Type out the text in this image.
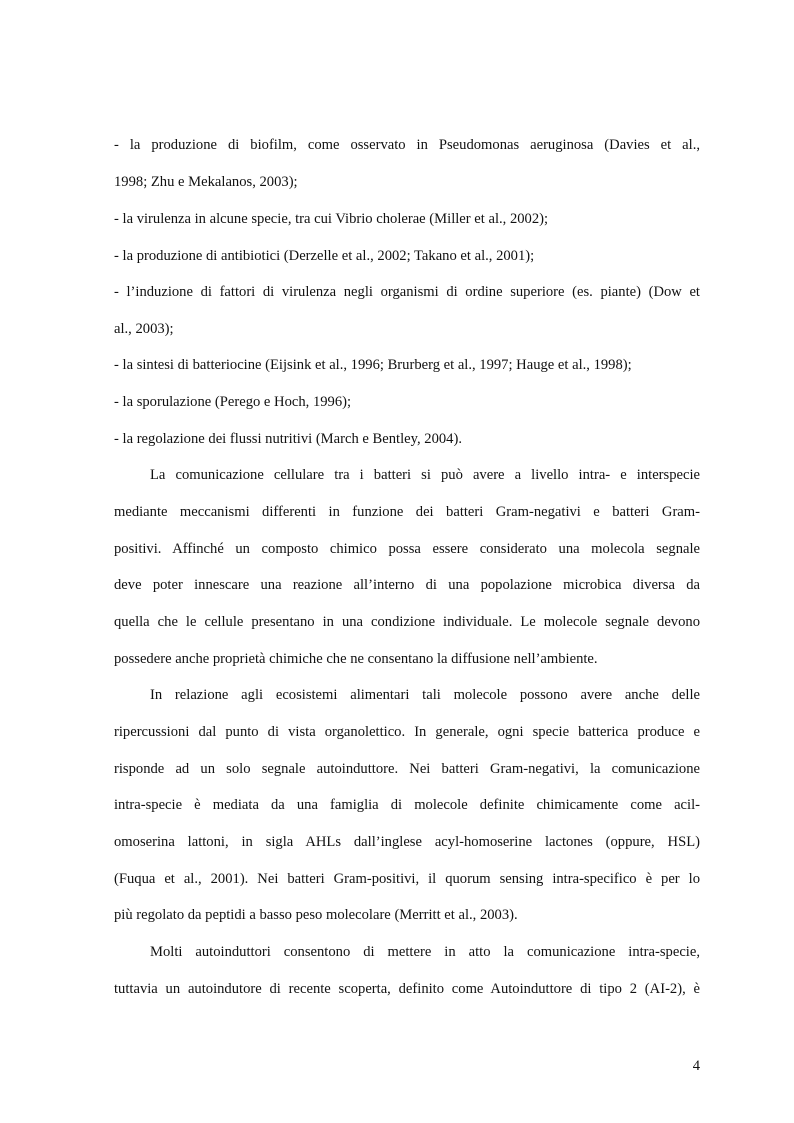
- la produzione di biofilm, come osservato in Pseudomonas aeruginosa (Davies et al.,
1998; Zhu e Mekalanos, 2003);
- la virulenza in alcune specie, tra cui Vibrio cholerae (Miller et al., 2002);
- la produzione di antibiotici (Derzelle et al., 2002; Takano et al., 2001);
- l’induzione di fattori di virulenza negli organismi di ordine superiore (es. piante) (Dow et
al., 2003);
- la sintesi di batteriocine (Eijsink et al., 1996; Brurberg et al., 1997; Hauge et al., 1998);
- la sporulazione (Perego e Hoch, 1996);
- la regolazione dei flussi nutritivi (March e Bentley, 2004).
La comunicazione cellulare tra i batteri si può avere a livello intra- e interspecie
mediante meccanismi differenti in funzione dei batteri Gram-negativi e batteri Gram-
positivi. Affinché un composto chimico possa essere considerato una molecola segnale
deve poter innescare una reazione all’interno di una popolazione microbica diversa da
quella che le cellule presentano in una condizione individuale. Le molecole segnale devono
possedere anche proprietà chimiche che ne consentano la diffusione nell’ambiente.
In relazione agli ecosistemi alimentari tali molecole possono avere anche delle
ripercussioni dal punto di vista organolettico. In generale, ogni specie batterica produce e
risponde ad un solo segnale autoinduttore. Nei batteri Gram-negativi, la comunicazione
intra-specie è mediata da una famiglia di molecole definite chimicamente come acil-
omoserina lattoni, in sigla AHLs dall’inglese acyl-homoserine lactones (oppure, HSL)
(Fuqua et al., 2001). Nei batteri Gram-positivi, il quorum sensing intra-specifico è per lo
più regolato da peptidi a basso peso molecolare (Merritt et al., 2003).
Molti autoinduttori consentono di mettere in atto la comunicazione intra-specie,
tuttavia un autoindutore di recente scoperta, definito come Autoinduttore di tipo 2 (AI-2), è
4
